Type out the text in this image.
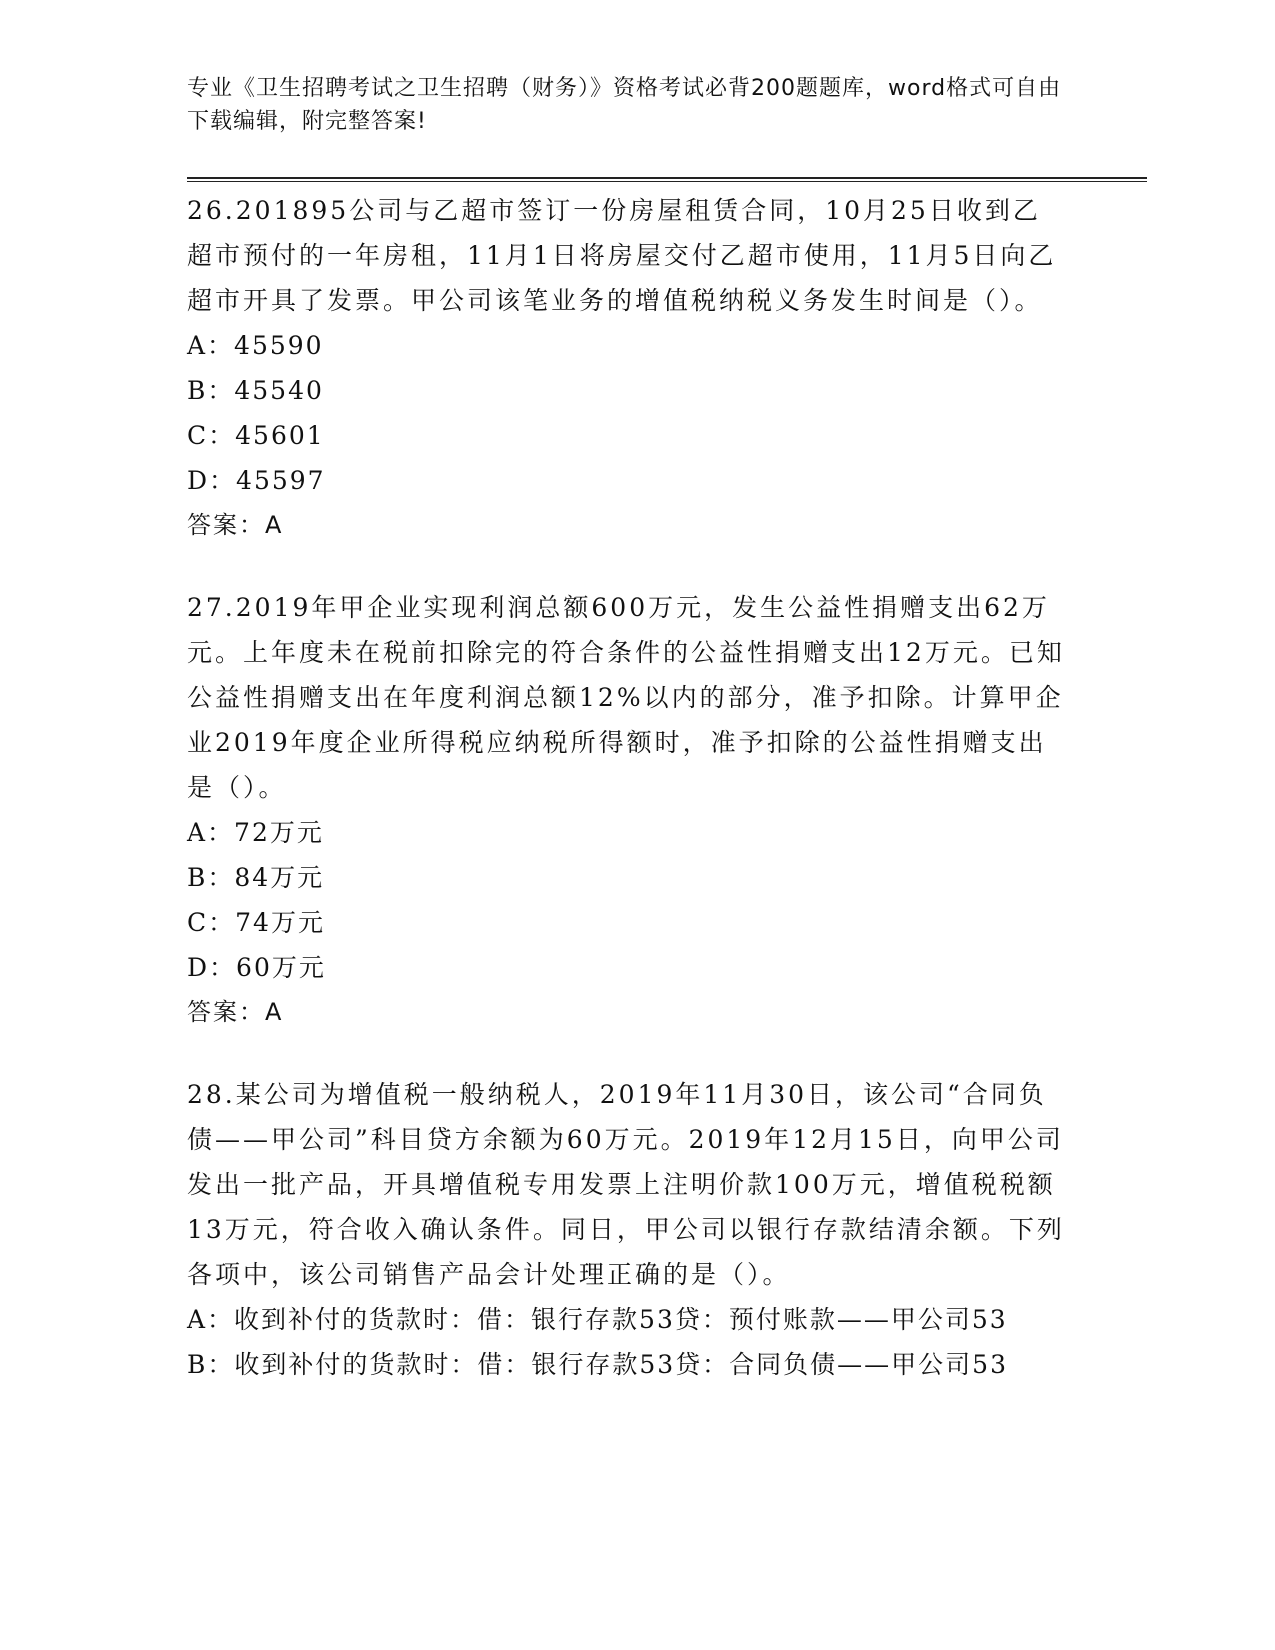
专业《卫生招聘考试之卫生招聘（财务）》资格考试必背200题题库，word格式可自由下载编辑，附完整答案!

26.201895公司与乙超市签订一份房屋租赁合同，10月25日收到乙超市预付的一年房租，11月1日将房屋交付乙超市使用，11月5日向乙超市开具了发票。甲公司该笔业务的增值税纳税义务发生时间是（）。

A：45590

B：45540

C：45601

D：45597

答案：A

27.2019年甲企业实现利润总额600万元，发生公益性捐赠支出62万元。上年度未在税前扣除完的符合条件的公益性捐赠支出12万元。已知公益性捐赠支出在年度利润总额12%以内的部分，准予扣除。计算甲企业2019年度企业所得税应纳税所得额时，准予扣除的公益性捐赠支出是（）。

A：72万元

B：84万元

C：74万元

D：60万元

答案：A

28.某公司为增值税一般纳税人，2019年11月30日，该公司“合同负债——甲公司”科目贷方余额为60万元。2019年12月15日，向甲公司发出一批产品，开具增值税专用发票上注明价款100万元，增值税税额13万元，符合收入确认条件。同日，甲公司以银行存款结清余额。下列各项中，该公司销售产品会计处理正确的是（）。

A：收到补付的货款时：借：银行存款53贷：预付账款——甲公司53

B：收到补付的货款时：借：银行存款53贷：合同负债——甲公司53
